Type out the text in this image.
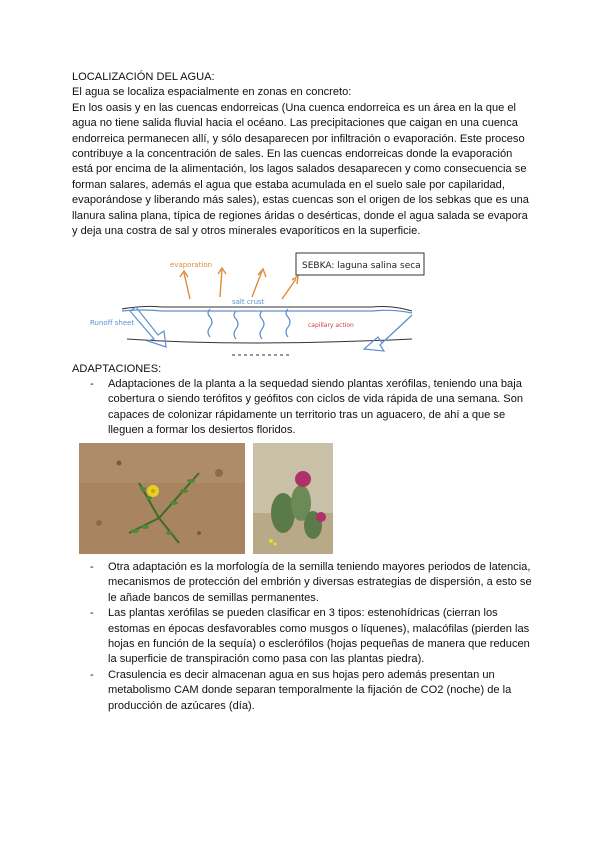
LOCALIZACIÓN DEL AGUA:

El agua se localiza espacialmente en zonas en concreto:

En los oasis y en las cuencas endorreicas (Una cuenca endorreica es un área en la que el agua no tiene salida fluvial hacia el océano. Las precipitaciones que caigan en una cuenca endorreica permanecen allí, y sólo desaparecen por infiltración o evaporación. Este proceso contribuye a la concentración de sales. En las cuencas endorreicas donde la evaporación está por encima de la alimentación, los lagos salados desaparecen y como consecuencia se forman salares, además el agua que estaba acumulada en el suelo sale por capilaridad, evaporándose y liberando más sales), estas cuencas son el origen de los sebkas que es una llanura salina plana, típica de regiones áridas o desérticas, donde el agua salada se evapora y deja una costra de sal y otros minerales evaporíticos en la superficie.

evaporation	SEBKA: laguna salina seca
salt crust
Runoff sheet	capillary action

ADAPTACIONES:

- Adaptaciones de la planta a la sequedad siendo plantas xerófilas, teniendo una baja cobertura o siendo terófitos y geófitos con ciclos de vida rápida de una semana. Son capaces de colonizar rápidamente un territorio tras un aguacero, de ahí a que se lleguen a formar los desiertos floridos.
- Otra adaptación es la morfología de la semilla teniendo mayores periodos de latencia, mecanismos de protección del embrión y diversas estrategias de dispersión, a esto se le añade bancos de semillas permanentes.
- Las plantas xerófilas se pueden clasificar en 3 tipos: estenohídricas (cierran los estomas en épocas desfavorables como musgos o líquenes), malacófilas (pierden las hojas en función de la sequía) o esclerófilos (hojas pequeñas de manera que reducen la superficie de transpiración como pasa con las plantas piedra).
- Crasulencia es decir almacenan agua en sus hojas pero además presentan un metabolismo CAM donde separan temporalmente la fijación de CO2 (noche) de la producción de azúcares (día).
